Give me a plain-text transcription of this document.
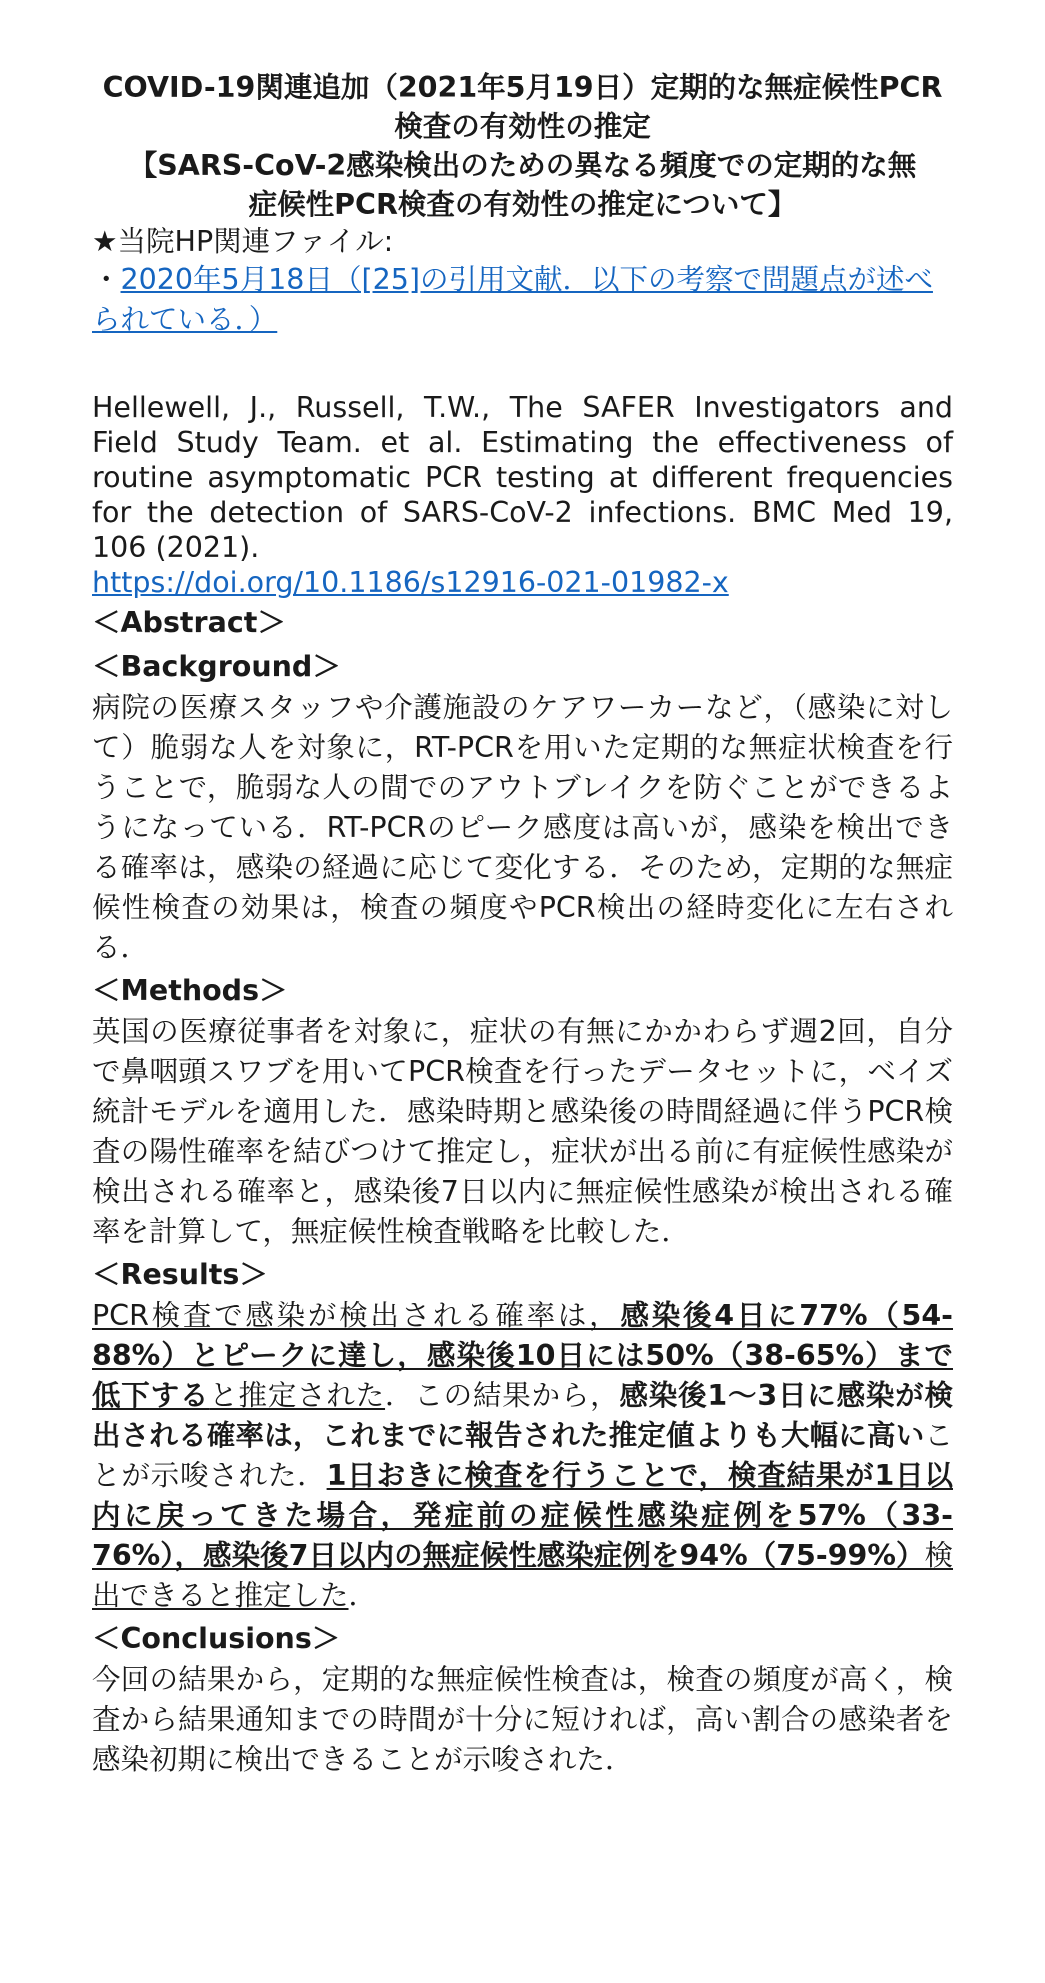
COVID-19関連追加（2021年5月19日）定期的な無症候性PCR
検査の有効性の推定

【SARS-CoV-2感染検出のための異なる頻度での定期的な無
症候性PCR検査の有効性の推定について】

★当院HP関連ファイル:

・2020年5月18日（[25]の引用文献．以下の考察で問題点が述べられている．）

Hellewell, J., Russell, T.W., The SAFER Investigators and Field Study Team. et al. Estimating the effectiveness of routine asymptomatic PCR testing at different frequencies for the detection of SARS-CoV-2 infections. BMC Med 19, 106 (2021).
https://doi.org/10.1186/s12916-021-01982-x

＜Abstract＞

＜Background＞

病院の医療スタッフや介護施設のケアワーカーなど，（感染に対して）脆弱な人を対象に，RT-PCRを用いた定期的な無症状検査を行うことで，脆弱な人の間でのアウトブレイクを防ぐことができるようになっている．RT-PCRのピーク感度は高いが，感染を検出できる確率は，感染の経過に応じて変化する．そのため，定期的な無症候性検査の効果は，検査の頻度やPCR検出の経時変化に左右される．

＜Methods＞

英国の医療従事者を対象に，症状の有無にかかわらず週2回，自分で鼻咽頭スワブを用いてPCR検査を行ったデータセットに，ベイズ統計モデルを適用した．感染時期と感染後の時間経過に伴うPCR検査の陽性確率を結びつけて推定し，症状が出る前に有症候性感染が検出される確率と，感染後7日以内に無症候性感染が検出される確率を計算して，無症候性検査戦略を比較した．

＜Results＞

PCR検査で感染が検出される確率は，感染後4日に77%（54-88%）とピークに達し，感染後10日には50%（38-65%）まで低下すると推定された．この結果から，感染後1〜3日に感染が検出される確率は，これまでに報告された推定値よりも大幅に高いことが示唆された．1日おきに検査を行うことで，検査結果が1日以内に戻ってきた場合，発症前の症候性感染症例を57%（33-76%），感染後7日以内の無症候性感染症例を94%（75-99%）検出できると推定した．

＜Conclusions＞

今回の結果から，定期的な無症候性検査は，検査の頻度が高く，検査から結果通知までの時間が十分に短ければ，高い割合の感染者を感染初期に検出できることが示唆された．
